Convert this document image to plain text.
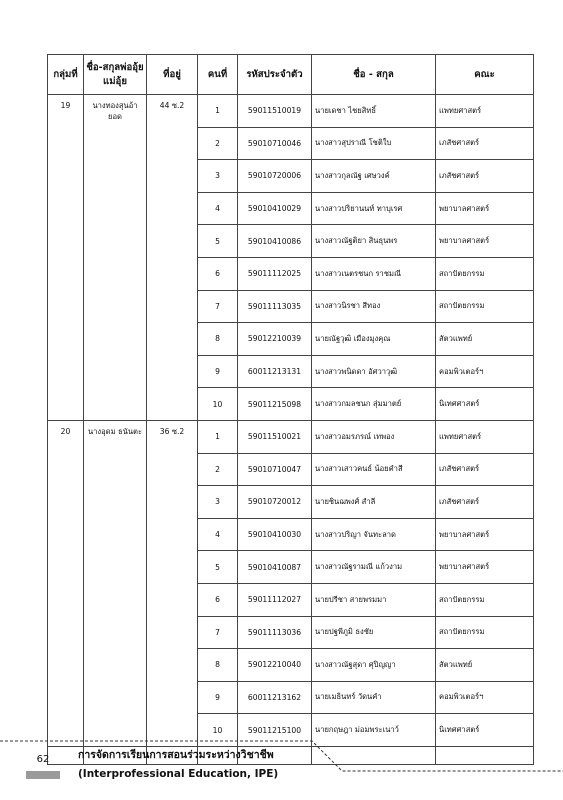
กลุ่มที่	ชื่อ-สกุลพ่ออุ้ยแม่อุ้ย	ที่อยู่	คนที่	รหัสประจำตัว	ชื่อ - สกุล	คณะ
19	นางทองสุนอ้ายอด	44 ซ.2	1	59011510019	นายเดชา ไชยสิทธิ์	แพทยศาสตร์
			2	59010710046	นางสาวสุปราณี โชติใบ	เภสัชศาสตร์
			3	59010720006	นางสาวกุลณัฐ เศษวงค์	เภสัชศาสตร์
			4	59010410029	นางสาวปริยานนท์ ทาบุเรศ	พยาบาลศาสตร์
			5	59010410086	นางสาวณัฐติยา สินธุนพร	พยาบาลศาสตร์
			6	59011112025	นางสาวเนตรชนก ราชมณี	สถาปัตยกรรม
			7	59011113035	นางสาวนิรชา สีทอง	สถาปัตยกรรม
			8	59012210039	นายณัฐวุฒิ เมืองมุงคุณ	สัตวแพทย์
			9	60011213131	นางสาวพนิดดา อัศวาวุฒิ	คอมพิวเตอร์ฯ
			10	59011215098	นางสาวกมลชนก สุ่มมาตย์	นิเทศศาสตร์
20	นางอุดม ธนันตะ	36 ซ.2	1	59011510021	นางสาวอมรภรณ์ เทพอง	แพทยศาสตร์
			2	59010710047	นางสาวเสาวคนธ์ น้อยคำสี	เภสัชศาสตร์
			3	59010720012	นายชินฌพงศ์ สำลี	เภสัชศาสตร์
			4	59010410030	นางสาวปริญา จันทะลาด	พยาบาลศาสตร์
			5	59010410087	นางสาวณัฐรามณี แก้วงาม	พยาบาลศาสตร์
			6	59011112027	นายปรีชา สายพรมมา	สถาปัตยกรรม
			7	59011113036	นายปฐพีภูมิ ธงชัย	สถาปัตยกรรม
			8	59012210040	นางสาวณัฐสุดา ศุปิญญา	สัตวแพทย์
			9	60011213162	นายเมธินทร์ วัดนคำ	คอมพิวเตอร์ฯ
			10	59011215100	นายกฤษฎา ม่อมพระเนาว์	นิเทศศาสตร์

62	การจัดการเรียนการสอนร่วมระหว่างวิชาชีพ
(Interprofessional Education, IPE)
